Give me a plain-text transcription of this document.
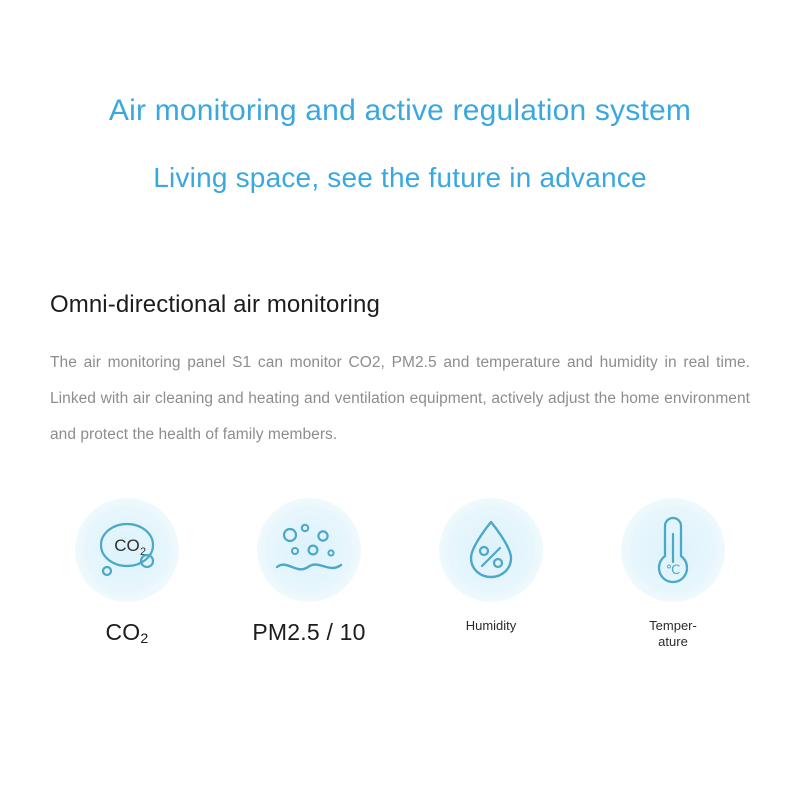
Air monitoring and active regulation system
Living space, see the future in advance
Omni-directional air monitoring
The air monitoring panel S1 can monitor CO2, PM2.5 and temperature and humidity in real time. Linked with air cleaning and heating and ventilation equipment, actively adjust the home environment and protect the health of family members.
CO 2
$CO_2$	PM2.5 / 10	Humidity
℃
Temper-
ature
